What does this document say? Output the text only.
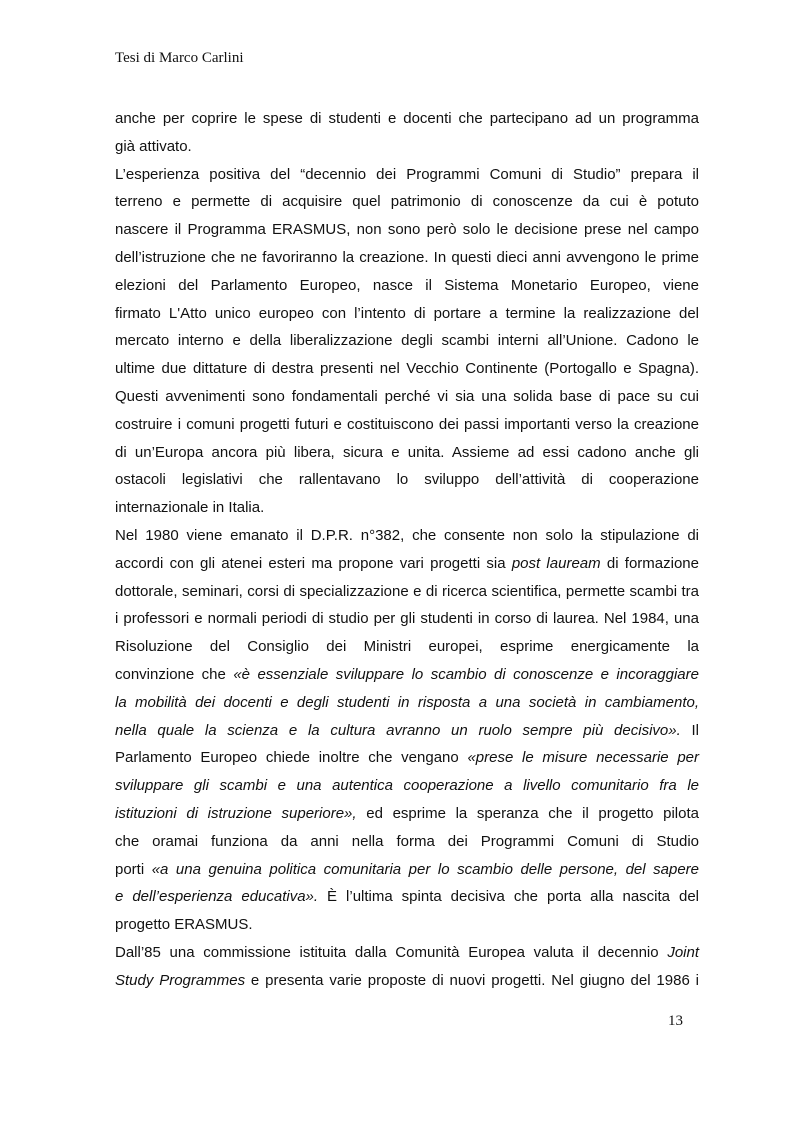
Tesi di Marco Carlini
anche per coprire le spese di studenti e docenti che partecipano ad un programma
già attivato.
L’esperienza positiva del “decennio dei Programmi Comuni di Studio” prepara il
terreno e permette di acquisire quel patrimonio di conoscenze da cui è potuto
nascere il Programma ERASMUS, non sono però solo le decisione prese nel campo
dell’istruzione che ne favoriranno la creazione. In questi dieci anni avvengono le prime
elezioni del Parlamento Europeo, nasce il Sistema Monetario Europeo, viene
firmato L'Atto unico europeo con l’intento di portare a termine la realizzazione del
mercato interno e della liberalizzazione degli scambi interni all’Unione. Cadono le
ultime due dittature di destra presenti nel Vecchio Continente (Portogallo e Spagna).
Questi avvenimenti sono fondamentali perché vi sia una solida base di pace su cui
costruire i comuni progetti futuri e costituiscono dei passi importanti verso la creazione
di un’Europa ancora più libera, sicura e unita. Assieme ad essi cadono anche gli
ostacoli legislativi che rallentavano lo sviluppo dell’attività di cooperazione
internazionale in Italia.
Nel 1980 viene emanato il D.P.R. n°382, che consente non solo la stipulazione di
accordi con gli atenei esteri ma propone vari progetti sia post lauream di formazione
dottorale, seminari, corsi di specializzazione e di ricerca scientifica, permette scambi tra
i professori e normali periodi di studio per gli studenti in corso di laurea. Nel 1984, una
Risoluzione del Consiglio dei Ministri europei, esprime energicamente la
convinzione che «è essenziale sviluppare lo scambio di conoscenze e incoraggiare
la mobilità dei docenti e degli studenti in risposta a una società in cambiamento,
nella quale la scienza e la cultura avranno un ruolo sempre più decisivo». Il
Parlamento Europeo chiede inoltre che vengano «prese le misure necessarie per
sviluppare gli scambi e una autentica cooperazione a livello comunitario fra le
istituzioni di istruzione superiore», ed esprime la speranza che il progetto pilota
che oramai funziona da anni nella forma dei Programmi Comuni di Studio
porti «a una genuina politica comunitaria per lo scambio delle persone, del sapere
e dell’esperienza educativa». È l’ultima spinta decisiva che porta alla nascita del
progetto ERASMUS.
Dall’85 una commissione istituita dalla Comunità Europea valuta il decennio Joint
Study Programmes e presenta varie proposte di nuovi progetti. Nel giugno del 1986 i
13
